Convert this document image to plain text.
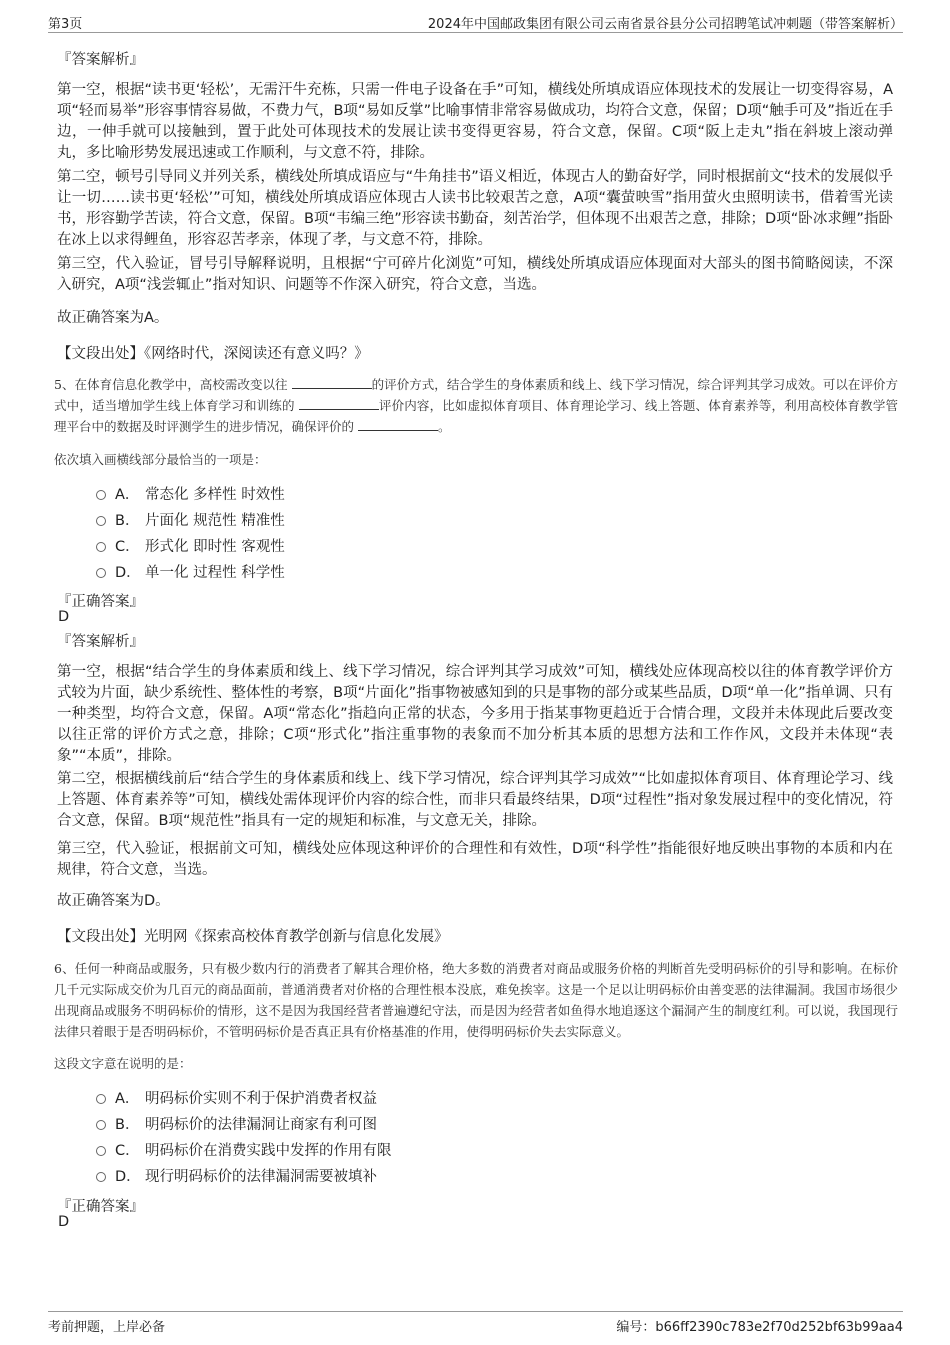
第3页	2024年中国邮政集团有限公司云南省景谷县分公司招聘笔试冲刺题（带答案解析）
『答案解析』

第一空，根据“读书更‘轻松’，无需汗牛充栋，只需一件电子设备在手”可知，横线处所填成语应体现技术的发展让一切变得容易，A项“轻而易举”形容事情容易做，不费力气，B项“易如反掌”比喻事情非常容易做成功，均符合文意，保留；D项“触手可及”指近在手边，一伸手就可以接触到，置于此处可体现技术的发展让读书变得更容易，符合文意，保留。C项“阪上走丸”指在斜坡上滚动弹丸，多比喻形势发展迅速或工作顺利，与文意不符，排除。

第二空，顿号引导同义并列关系，横线处所填成语应与“牛角挂书”语义相近，体现古人的勤奋好学，同时根据前文“技术的发展似乎让一切……读书更‘轻松’”可知，横线处所填成语应体现古人读书比较艰苦之意，A项“囊萤映雪”指用萤火虫照明读书，借着雪光读书，形容勤学苦读，符合文意，保留。B项“韦编三绝”形容读书勤奋，刻苦治学，但体现不出艰苦之意，排除；D项“卧冰求鲤”指卧在冰上以求得鲤鱼，形容忍苦孝亲，体现了孝，与文意不符，排除。

第三空，代入验证，冒号引导解释说明，且根据“宁可碎片化浏览”可知，横线处所填成语应体现面对大部头的图书简略阅读，不深入研究，A项“浅尝辄止”指对知识、问题等不作深入研究，符合文意，当选。

故正确答案为A。

【文段出处】《网络时代，深阅读还有意义吗？》

5、在体育信息化教学中，高校需改变以往	的评价方式，结合学生的身体素质和线上、线下学习情况，综合评判其学习成效。可以在评价方式中，适当增加学生线上体育学习和训练的	评价内容，比如虚拟体育项目、体育理论学习、线上答题、体育素养等，利用高校体育教学管理平台中的数据及时评测学生的进步情况，确保评价的	。

依次填入画横线部分最恰当的一项是：
A． 常态化 多样性 时效性
B． 片面化 规范性 精准性
C． 形式化 即时性 客观性
D． 单一化 过程性 科学性
『正确答案』
D
『答案解析』

第一空，根据“结合学生的身体素质和线上、线下学习情况，综合评判其学习成效”可知，横线处应体现高校以往的体育教学评价方式较为片面，缺少系统性、整体性的考察，B项“片面化”指事物被感知到的只是事物的部分或某些品质，D项“单一化”指单调、只有一种类型，均符合文意，保留。A项“常态化”指趋向正常的状态，今多用于指某事物更趋近于合情合理，文段并未体现此后要改变以往正常的评价方式之意，排除；C项“形式化”指注重事物的表象而不加分析其本质的思想方法和工作作风，文段并未体现“表象”“本质”，排除。

第二空，根据横线前后“结合学生的身体素质和线上、线下学习情况，综合评判其学习成效”“比如虚拟体育项目、体育理论学习、线上答题、体育素养等”可知，横线处需体现评价内容的综合性，而非只看最终结果，D项“过程性”指对象发展过程中的变化情况，符合文意，保留。B项“规范性”指具有一定的规矩和标准，与文意无关，排除。

第三空，代入验证，根据前文可知，横线处应体现这种评价的合理性和有效性，D项“科学性”指能很好地反映出事物的本质和内在规律，符合文意，当选。

故正确答案为D。

【文段出处】光明网《探索高校体育教学创新与信息化发展》

6、任何一种商品或服务，只有极少数内行的消费者了解其合理价格，绝大多数的消费者对商品或服务价格的判断首先受明码标价的引导和影响。在标价几千元实际成交价为几百元的商品面前，普通消费者对价格的合理性根本没底，难免挨宰。这是一个足以让明码标价由善变恶的法律漏洞。我国市场很少出现商品或服务不明码标价的情形，这不是因为我国经营者普遍遵纪守法，而是因为经营者如鱼得水地追逐这个漏洞产生的制度红利。可以说，我国现行法律只着眼于是否明码标价，不管明码标价是否真正具有价格基准的作用，使得明码标价失去实际意义。

这段文字意在说明的是：
A． 明码标价实则不利于保护消费者权益
B． 明码标价的法律漏洞让商家有利可图
C． 明码标价在消费实践中发挥的作用有限
D． 现行明码标价的法律漏洞需要被填补
『正确答案』
D
考前押题，上岸必备	编号：b66ff2390c783e2f70d252bf63b99aa4
